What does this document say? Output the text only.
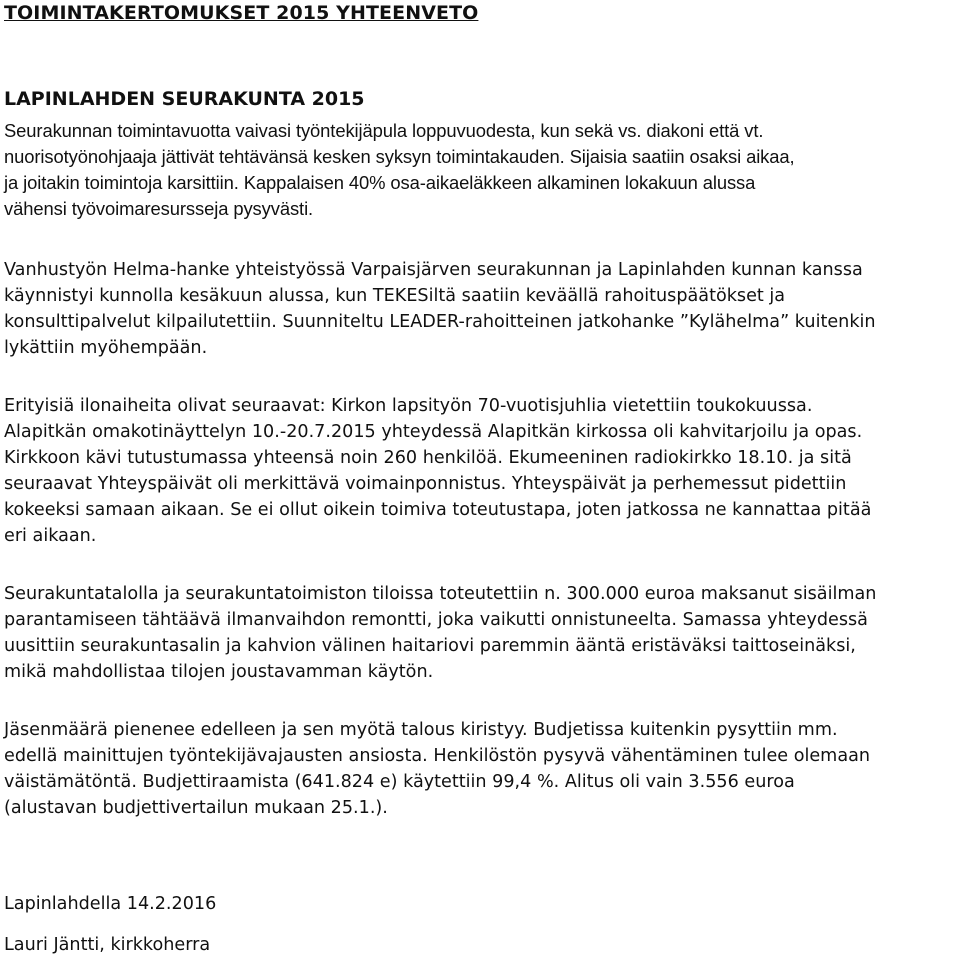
TOIMINTAKERTOMUKSET 2015 YHTEENVETO
LAPINLAHDEN SEURAKUNTA 2015

Seurakunnan toimintavuotta vaivasi työntekijäpula loppuvuodesta, kun sekä vs. diakoni että vt.
nuorisotyönohjaaja jättivät tehtävänsä kesken syksyn toimintakauden. Sijaisia saatiin osaksi aikaa,
ja joitakin toimintoja karsittiin. Kappalaisen 40% osa-aikaeläkkeen alkaminen lokakuun alussa
vähensi työvoimaresursseja pysyvästi.

Vanhustyön Helma-hanke yhteistyössä Varpaisjärven seurakunnan ja Lapinlahden kunnan kanssa
käynnistyi kunnolla kesäkuun alussa, kun TEKESiltä saatiin keväällä rahoituspäätökset ja
konsulttipalvelut kilpailutettiin. Suunniteltu LEADER-rahoitteinen jatkohanke ”Kylähelma” kuitenkin
lykättiin myöhempään.

Erityisiä ilonaiheita olivat seuraavat: Kirkon lapsityön 70-vuotisjuhlia vietettiin toukokuussa.
Alapitkän omakotinäyttelyn 10.-20.7.2015 yhteydessä Alapitkän kirkossa oli kahvitarjoilu ja opas.
Kirkkoon kävi tutustumassa yhteensä noin 260 henkilöä. Ekumeeninen radiokirkko 18.10. ja sitä
seuraavat Yhteyspäivät oli merkittävä voimainponnistus. Yhteyspäivät ja perhemessut pidettiin
kokeeksi samaan aikaan. Se ei ollut oikein toimiva toteutustapa, joten jatkossa ne kannattaa pitää
eri aikaan.

Seurakuntatalolla ja seurakuntatoimiston tiloissa toteutettiin n. 300.000 euroa maksanut sisäilman
parantamiseen tähtäävä ilmanvaihdon remontti, joka vaikutti onnistuneelta. Samassa yhteydessä
uusittiin seurakuntasalin ja kahvion välinen haitariovi paremmin ääntä eristäväksi taittoseinäksi,
mikä mahdollistaa tilojen joustavamman käytön.

Jäsenmäärä pienenee edelleen ja sen myötä talous kiristyy. Budjetissa kuitenkin pysyttiin mm.
edellä mainittujen työntekijävajausten ansiosta. Henkilöstön pysyvä vähentäminen tulee olemaan
väistämätöntä. Budjettiraamista (641.824 e) käytettiin 99,4 %. Alitus oli vain 3.556 euroa
(alustavan budjettivertailun mukaan 25.1.).

Lapinlahdella 14.2.2016
Lauri Jäntti, kirkkoherra
